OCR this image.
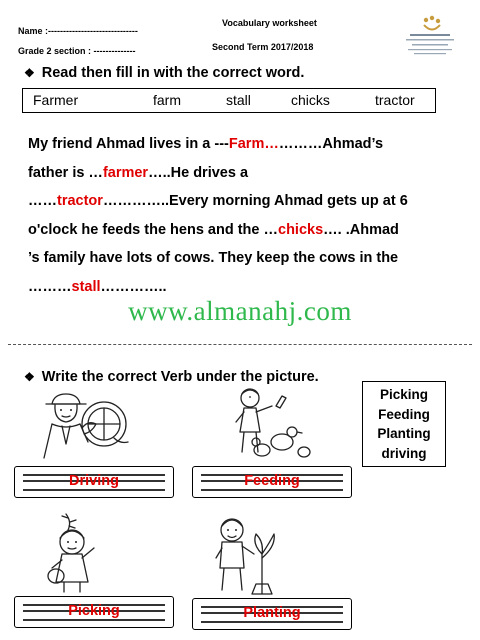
Name :------------------------------
Grade 2 section : --------------
Vocabulary worksheet
Second Term 2017/2018
❖ Read then fill in with the correct word.
Farmer	farm	stall	chicks	tractor
My friend Ahmad lives in a ---Farm…………Ahmad’s
father is …farmer…..He drives a
……tractor…………..Every morning Ahmad gets up at 6
o'clock he feeds the hens and the …chicks…. .Ahmad
’s family have lots of cows. They keep the cows in the
………stall…………..
www.almanahj.com
❖ Write the correct Verb under the picture.
Picking
Feeding
Planting
driving
Driving	Feeding
Picking	Planting
